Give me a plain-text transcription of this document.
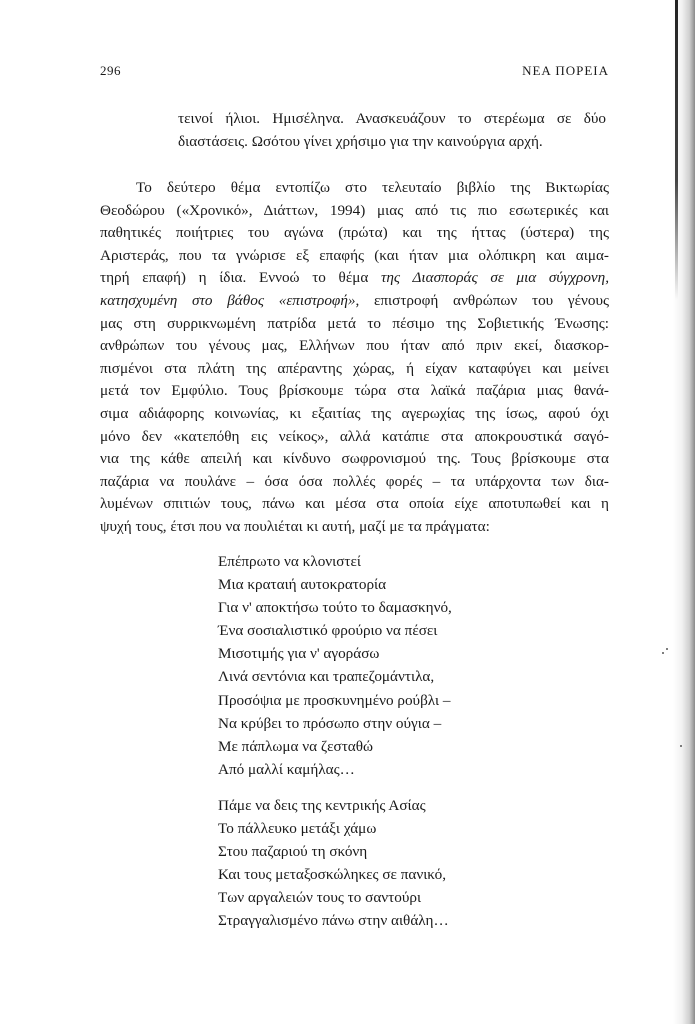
296	ΝΕΑ ΠΟΡΕΙΑ
τεινοί ήλιοι. Ημισέληνα. Ανασκευάζουν το στερέωμα σε δύο
διαστάσεις. Ωσότου γίνει χρήσιμο για την καινούργια αρχή.
Το δεύτερο θέμα εντοπίζω στο τελευταίο βιβλίο της Βικτωρίας
Θεοδώρου («Χρονικό», Διάττων, 1994) μιας από τις πιο εσωτερικές και
παθητικές ποιήτριες του αγώνα (πρώτα) και της ήττας (ύστερα) της
Αριστεράς, που τα γνώρισε εξ επαφής (και ήταν μια ολόπικρη και αιμα-
τηρή επαφή) η ίδια. Εννοώ το θέμα της Διασποράς σε μια σύγχρονη,
κατησχυμένη στο βάθος «επιστροφή», επιστροφή ανθρώπων του γένους
μας στη συρρικνωμένη πατρίδα μετά το πέσιμο της Σοβιετικής Ένωσης:
ανθρώπων του γένους μας, Ελλήνων που ήταν από πριν εκεί, διασκορ-
πισμένοι στα πλάτη της απέραντης χώρας, ή είχαν καταφύγει και μείνει
μετά τον Εμφύλιο. Τους βρίσκουμε τώρα στα λαϊκά παζάρια μιας θανά-
σιμα αδιάφορης κοινωνίας, κι εξαιτίας της αγερωχίας της ίσως, αφού όχι
μόνο δεν «κατεπόθη εις νείκος», αλλά κατάπιε στα αποκρουστικά σαγό-
νια της κάθε απειλή και κίνδυνο σωφρονισμού της. Τους βρίσκουμε στα
παζάρια να πουλάνε – όσα όσα πολλές φορές – τα υπάρχοντα των δια-
λυμένων σπιτιών τους, πάνω και μέσα στα οποία είχε αποτυπωθεί και η
ψυχή τους, έτσι που να πουλιέται κι αυτή, μαζί με τα πράγματα:
Επέπρωτο να κλονιστεί
Μια κραταιή αυτοκρατορία
Για ν' αποκτήσω τούτο το δαμασκηνό,
Ένα σοσιαλιστικό φρούριο να πέσει
Μισοτιμής για ν' αγοράσω
Λινά σεντόνια και τραπεζομάντιλα,
Προσόψια με προσκυνημένο ρούβλι –
Να κρύβει το πρόσωπο στην ούγια –
Με πάπλωμα να ζεσταθώ
Από μαλλί καμήλας…
Πάμε να δεις της κεντρικής Ασίας
Το πάλλευκο μετάξι χάμω
Στου παζαριού τη σκόνη
Και τους μεταξοσκώληκες σε πανικό,
Των αργαλειών τους το σαντούρι
Στραγγαλισμένο πάνω στην αιθάλη…
